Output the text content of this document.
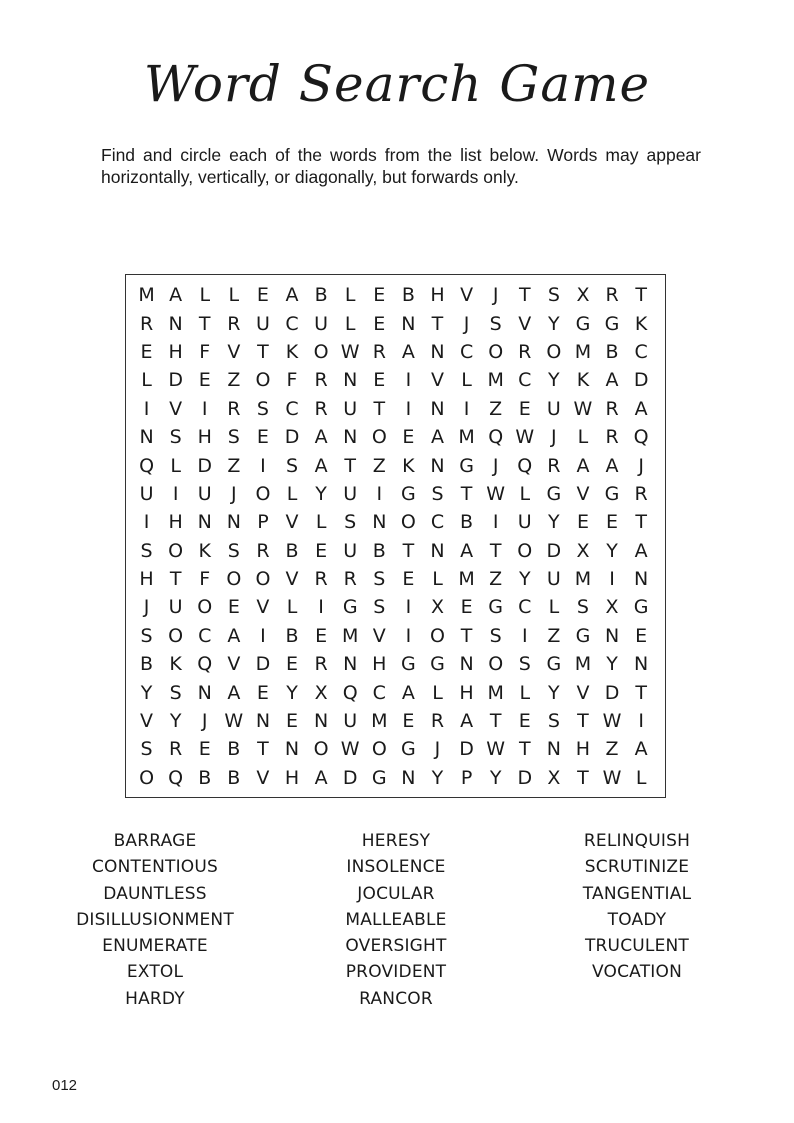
Word Search Game
Find and circle each of the words from the list below. Words may appear horizontally, vertically, or diagonally, but forwards only.
M A L L E A B L E B H V	J	T S X R T
R N T R U C U L E N T	J	S V Y G G K
E H F V T K O W R A N C O R O M B C
L D E Z O F R N E	I	V L M C Y K A D
I	V	I	R S C R U T	I	N	I	Z E U W R A
N S H S E D A N O E A M Q W J	L R Q
Q L D Z	I	S A T Z K N G J Q R A A	J
U	I	U	J O L Y U	I G S T W L G V G R
I	H N N P V L S N O C B	I	U Y E E T
S O K S R B E U B T N A T O D X Y A
H T F O O V R R S E L M Z Y U M I	N
J	U O E V L	I G S	I	X E G C L S X G
S O C A	I	B E M V	I O T S	I	Z G N E
B K Q V D E R N H G G N O S G M Y N
Y S N A E Y X Q C A L H M L Y V D T
V Y	J W N E N U M E R A T E S T W I
S R E B T N O W O G J D W T N H Z A
O Q B B V H A D G N Y P Y D X T W L
BARRAGE
CONTENTIOUS
DAUNTLESS
DISILLUSIONMENT
ENUMERATE
EXTOL
HARDY
HERESY
INSOLENCE
JOCULAR
MALLEABLE
OVERSIGHT
PROVIDENT
RANCOR
RELINQUISH
SCRUTINIZE
TANGENTIAL
TOADY
TRUCULENT
VOCATION
012
